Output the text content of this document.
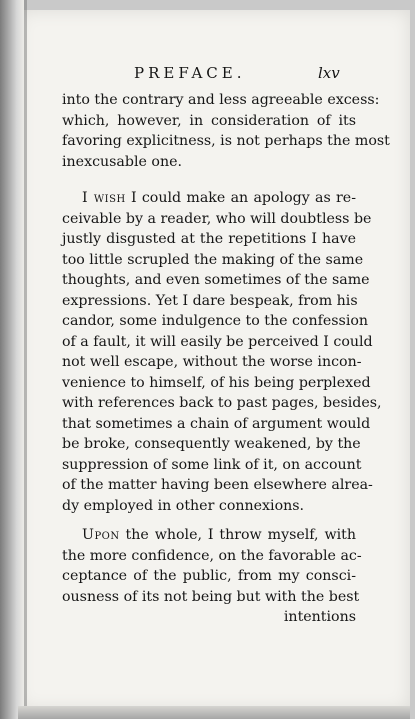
PREFACE.	lxv
into the contrary and less agreeable excess:
which, however, in consideration of its
favoring explicitness, is not perhaps the most
inexcusable one.
I wish I could make an apology as re-
ceivable by a reader, who will doubtless be
justly disgusted at the repetitions I have
too little scrupled the making of the same
thoughts, and even sometimes of the same
expressions. Yet I dare bespeak, from his
candor, some indulgence to the confession
of a fault, it will easily be perceived I could
not well escape, without the worse incon-
venience to himself, of his being perplexed
with references back to past pages, besides,
that sometimes a chain of argument would
be broke, consequently weakened, by the
suppression of some link of it, on account
of the matter having been elsewhere alrea-
dy employed in other connexions.
Upon the whole, I throw myself, with
the more confidence, on the favorable ac-
ceptance of the public, from my consci-
ousness of its not being but with the best
intentions
